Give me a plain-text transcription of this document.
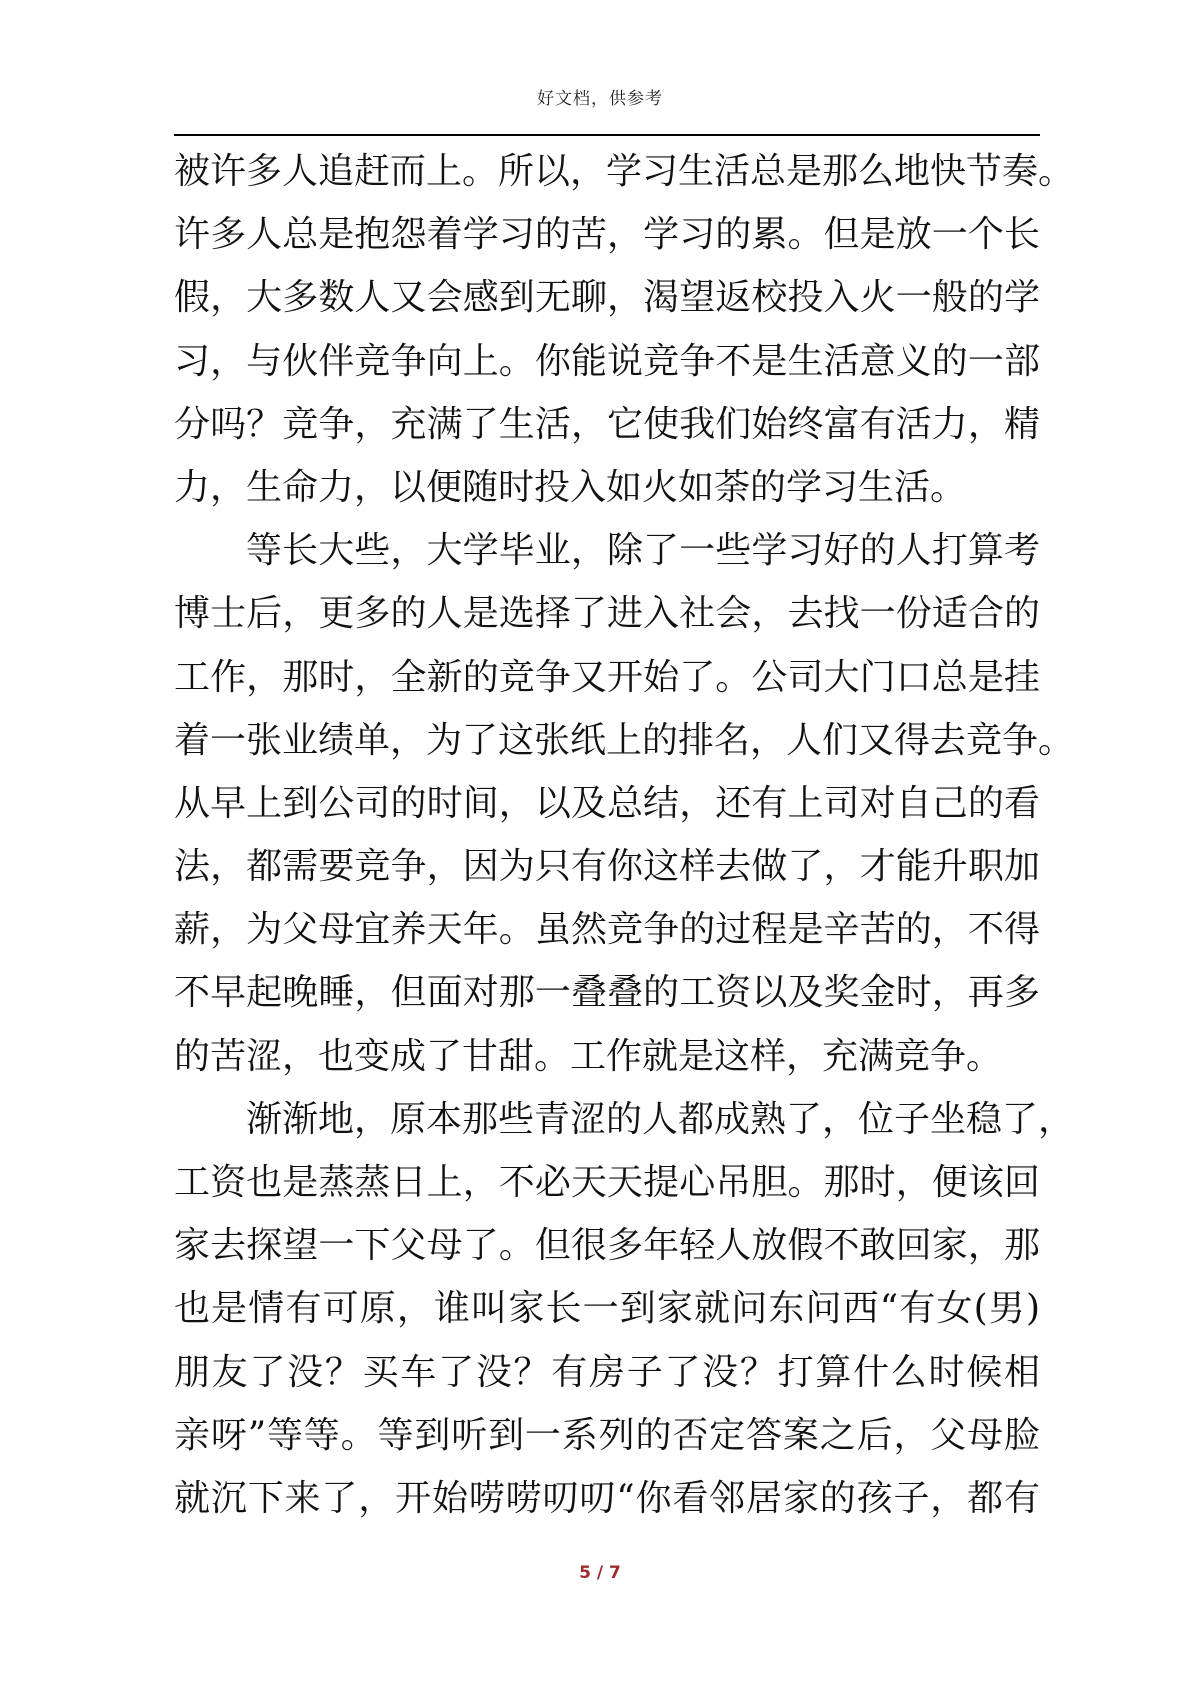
好文档，供参考
被许多人追赶而上。所以，学习生活总是那么地快节奏。
许多人总是抱怨着学习的苦，学习的累。但是放一个长
假，大多数人又会感到无聊，渴望返校投入火一般的学
习，与伙伴竞争向上。你能说竞争不是生活意义的一部
分吗？竞争，充满了生活，它使我们始终富有活力，精
力，生命力，以便随时投入如火如荼的学习生活。
等长大些，大学毕业，除了一些学习好的人打算考
博士后，更多的人是选择了进入社会，去找一份适合的
工作，那时，全新的竞争又开始了。公司大门口总是挂
着一张业绩单，为了这张纸上的排名，人们又得去竞争。
从早上到公司的时间，以及总结，还有上司对自己的看
法，都需要竞争，因为只有你这样去做了，才能升职加
薪，为父母宜养天年。虽然竞争的过程是辛苦的，不得
不早起晚睡，但面对那一叠叠的工资以及奖金时，再多
的苦涩，也变成了甘甜。工作就是这样，充满竞争。
渐渐地，原本那些青涩的人都成熟了，位子坐稳了，
工资也是蒸蒸日上，不必天天提心吊胆。那时，便该回
家去探望一下父母了。但很多年轻人放假不敢回家，那
也是情有可原，谁叫家长一到家就问东问西“有女(男)
朋友了没？买车了没？有房子了没？打算什么时候相
亲呀”等等。等到听到一系列的否定答案之后，父母脸
就沉下来了，开始唠唠叨叨“你看邻居家的孩子，都有
5 / 7
